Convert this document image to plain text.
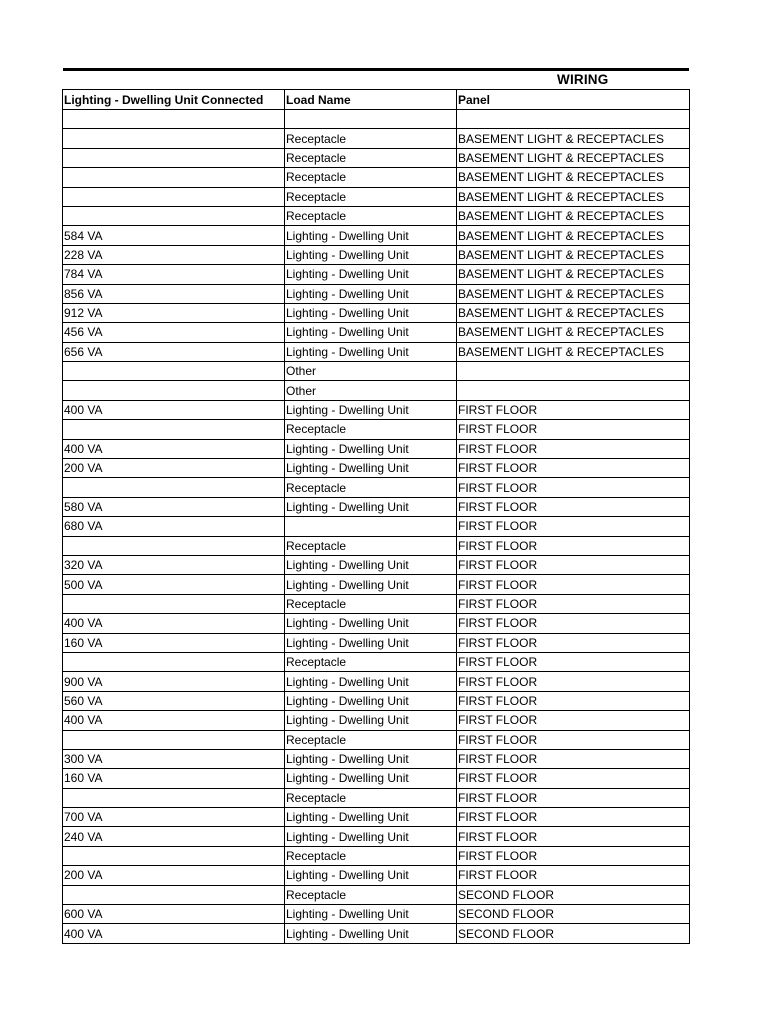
WIRING
Lighting - Dwelling Unit Connected	Load Name	Panel

	Receptacle	BASEMENT LIGHT & RECEPTACLES
	Receptacle	BASEMENT LIGHT & RECEPTACLES
	Receptacle	BASEMENT LIGHT & RECEPTACLES
	Receptacle	BASEMENT LIGHT & RECEPTACLES
	Receptacle	BASEMENT LIGHT & RECEPTACLES
584 VA	Lighting - Dwelling Unit	BASEMENT LIGHT & RECEPTACLES
228 VA	Lighting - Dwelling Unit	BASEMENT LIGHT & RECEPTACLES
784 VA	Lighting - Dwelling Unit	BASEMENT LIGHT & RECEPTACLES
856 VA	Lighting - Dwelling Unit	BASEMENT LIGHT & RECEPTACLES
912 VA	Lighting - Dwelling Unit	BASEMENT LIGHT & RECEPTACLES
456 VA	Lighting - Dwelling Unit	BASEMENT LIGHT & RECEPTACLES
656 VA	Lighting - Dwelling Unit	BASEMENT LIGHT & RECEPTACLES
	Other	
	Other	
400 VA	Lighting - Dwelling Unit	FIRST FLOOR
	Receptacle	FIRST FLOOR
400 VA	Lighting - Dwelling Unit	FIRST FLOOR
200 VA	Lighting - Dwelling Unit	FIRST FLOOR
	Receptacle	FIRST FLOOR
580 VA	Lighting - Dwelling Unit	FIRST FLOOR
680 VA		FIRST FLOOR
	Receptacle	FIRST FLOOR
320 VA	Lighting - Dwelling Unit	FIRST FLOOR
500 VA	Lighting - Dwelling Unit	FIRST FLOOR
	Receptacle	FIRST FLOOR
400 VA	Lighting - Dwelling Unit	FIRST FLOOR
160 VA	Lighting - Dwelling Unit	FIRST FLOOR
	Receptacle	FIRST FLOOR
900 VA	Lighting - Dwelling Unit	FIRST FLOOR
560 VA	Lighting - Dwelling Unit	FIRST FLOOR
400 VA	Lighting - Dwelling Unit	FIRST FLOOR
	Receptacle	FIRST FLOOR
300 VA	Lighting - Dwelling Unit	FIRST FLOOR
160 VA	Lighting - Dwelling Unit	FIRST FLOOR
	Receptacle	FIRST FLOOR
700 VA	Lighting - Dwelling Unit	FIRST FLOOR
240 VA	Lighting - Dwelling Unit	FIRST FLOOR
	Receptacle	FIRST FLOOR
200 VA	Lighting - Dwelling Unit	FIRST FLOOR
	Receptacle	SECOND FLOOR
600 VA	Lighting - Dwelling Unit	SECOND FLOOR
400 VA	Lighting - Dwelling Unit	SECOND FLOOR
